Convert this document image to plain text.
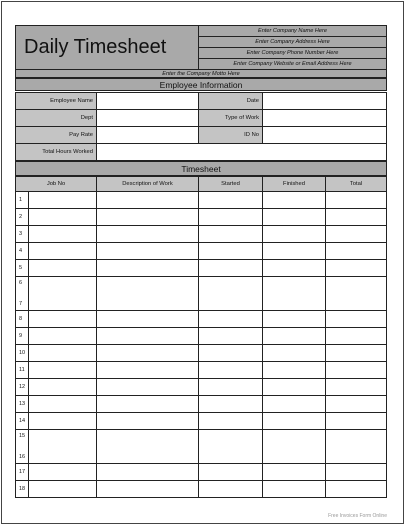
Daily Timesheet
Enter Company Name Here
Enter Company Address Here
Enter Company Phone Number Here
Enter Company Website or Email Address Here
Enter the Company Motto Here
Employee Information
Employee Name		Date	

Dept		Type of Work	

Pay Rate		ID No	

Total Hours Worked			

Timesheet
Job No	Description of Work	Started	Finished	Total

1				

2				

3				

4				

5				

6
7				

8				

9				

10				

11				

12				

13				

14				

15
16				

17				

18				

Free Invoices Form Online
